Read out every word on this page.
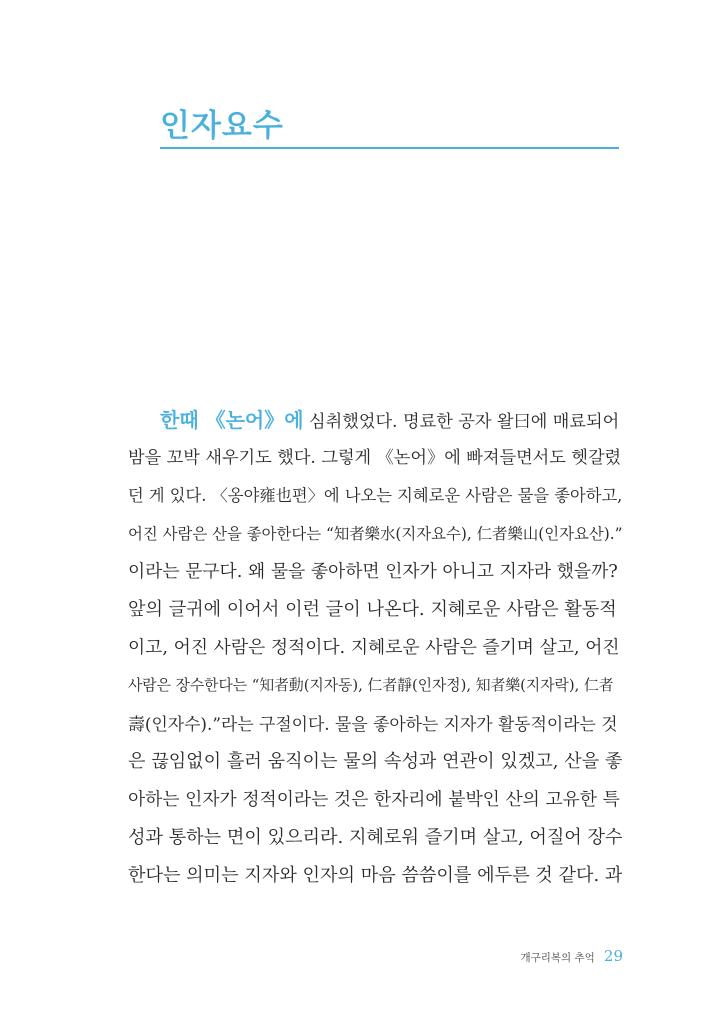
인자요수
한때 《논어》에 심취했었다. 명료한 공자 왈曰에 매료되어
밤을 꼬박 새우기도 했다. 그렇게 《논어》에 빠져들면서도 헷갈렸
던 게 있다. 〈옹야雍也편〉에 나오는 지혜로운 사람은 물을 좋아하고,
어진 사람은 산을 좋아한다는 “知者樂水(지자요수), 仁者樂山(인자요산).”
이라는 문구다. 왜 물을 좋아하면 인자가 아니고 지자라 했을까?
앞의 글귀에 이어서 이런 글이 나온다. 지혜로운 사람은 활동적
이고, 어진 사람은 정적이다. 지혜로운 사람은 즐기며 살고, 어진
사람은 장수한다는 “知者動(지자동), 仁者靜(인자정), 知者樂(지자락), 仁者
壽(인자수).”라는 구절이다. 물을 좋아하는 지자가 활동적이라는 것
은 끊임없이 흘러 움직이는 물의 속성과 연관이 있겠고, 산을 좋
아하는 인자가 정적이라는 것은 한자리에 붙박인 산의 고유한 특
성과 통하는 면이 있으리라. 지혜로워 즐기며 살고, 어질어 장수
한다는 의미는 지자와 인자의 마음 씀씀이를 에두른 것 같다. 과
개구리복의 추억 29
